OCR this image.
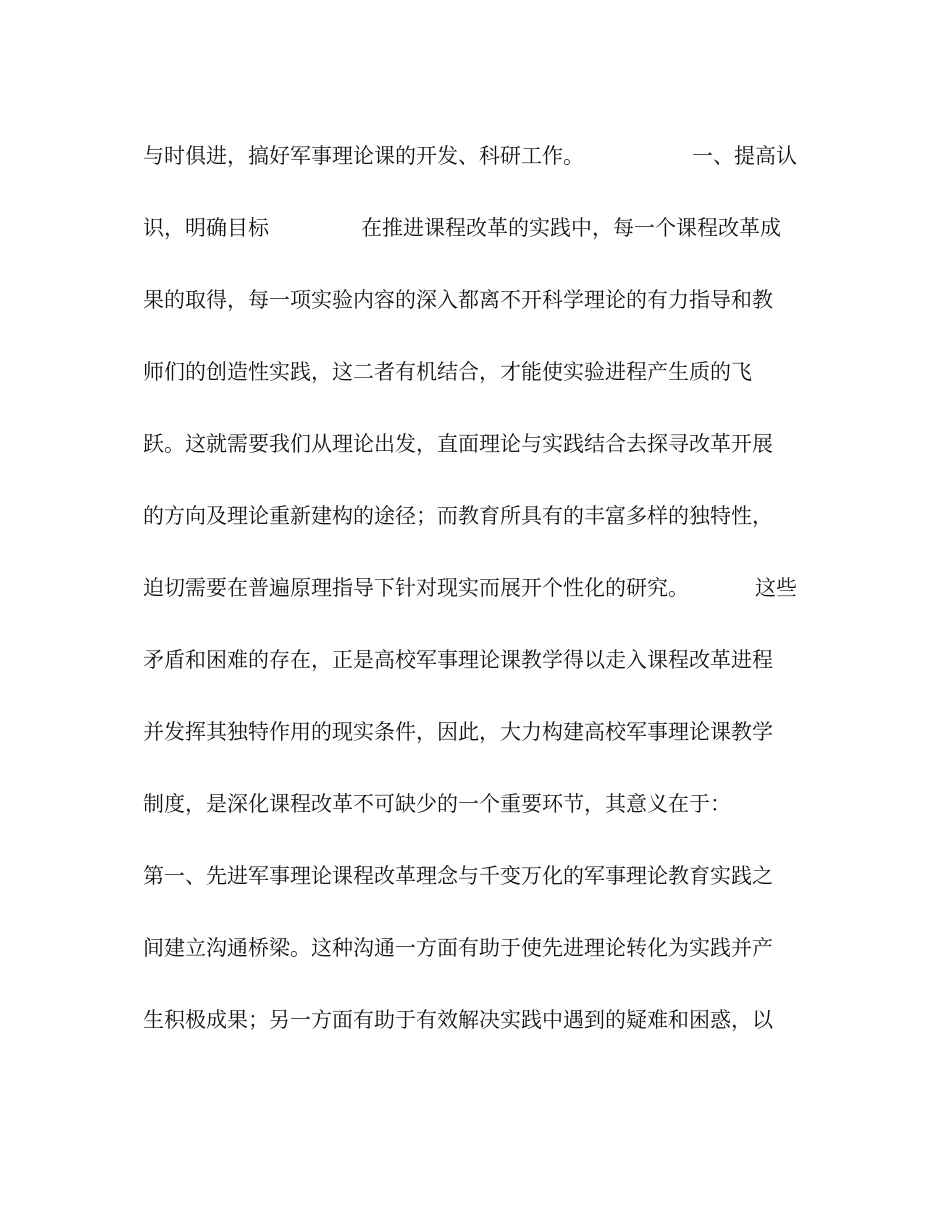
与时俱进，搞好军事理论课的开发、科研工作。	一、提高认
识，明确目标	在推进课程改革的实践中，每一个课程改革成
果的取得，每一项实验内容的深入都离不开科学理论的有力指导和教
师们的创造性实践，这二者有机结合，才能使实验进程产生质的飞
跃。这就需要我们从理论出发，直面理论与实践结合去探寻改革开展
的方向及理论重新建构的途径；而教育所具有的丰富多样的独特性，
迫切需要在普遍原理指导下针对现实而展开个性化的研究。	这些
矛盾和困难的存在，正是高校军事理论课教学得以走入课程改革进程
并发挥其独特作用的现实条件，因此，大力构建高校军事理论课教学
制度，是深化课程改革不可缺少的一个重要环节，其意义在于：
第一、先进军事理论课程改革理念与千变万化的军事理论教育实践之
间建立沟通桥梁。这种沟通一方面有助于使先进理论转化为实践并产
生积极成果；另一方面有助于有效解决实践中遇到的疑难和困惑，以
